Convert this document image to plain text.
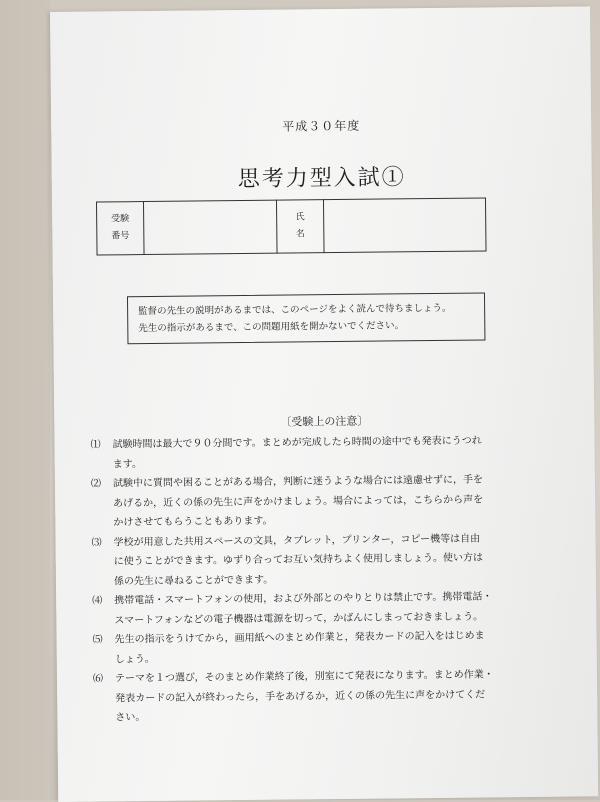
平成３０年度
思考力型入試①
受験
番号

氏
名

監督の先生の説明があるまでは、このページをよく読んで待ちましょう。
先生の指示があるまで、この問題用紙を開かないでください。
〔受験上の注意〕
⑴ 試験時間は最大で９０分間です。まとめが完成したら時間の途中でも発表にうつれ
ます。
⑵ 試験中に質問や困ることがある場合，判断に迷うような場合には遠慮せずに，手を
あげるか，近くの係の先生に声をかけましょう。場合によっては，こちらから声を
かけさせてもらうこともあります。
⑶ 学校が用意した共用スペースの文具，タブレット，プリンター，コピー機等は自由
に使うことができます。ゆずり合ってお互い気持ちよく使用しましょう。使い方は
係の先生に尋ねることができます。
⑷ 携帯電話・スマートフォンの使用，および外部とのやりとりは禁止です。携帯電話・
スマートフォンなどの電子機器は電源を切って，かばんにしまっておきましょう。
⑸ 先生の指示をうけてから，画用紙へのまとめ作業と，発表カードの記入をはじめま
しょう。
⑹ テーマを１つ選び，そのまとめ作業終了後，別室にて発表になります。まとめ作業・
発表カードの記入が終わったら，手をあげるか，近くの係の先生に声をかけてくだ
さい。
